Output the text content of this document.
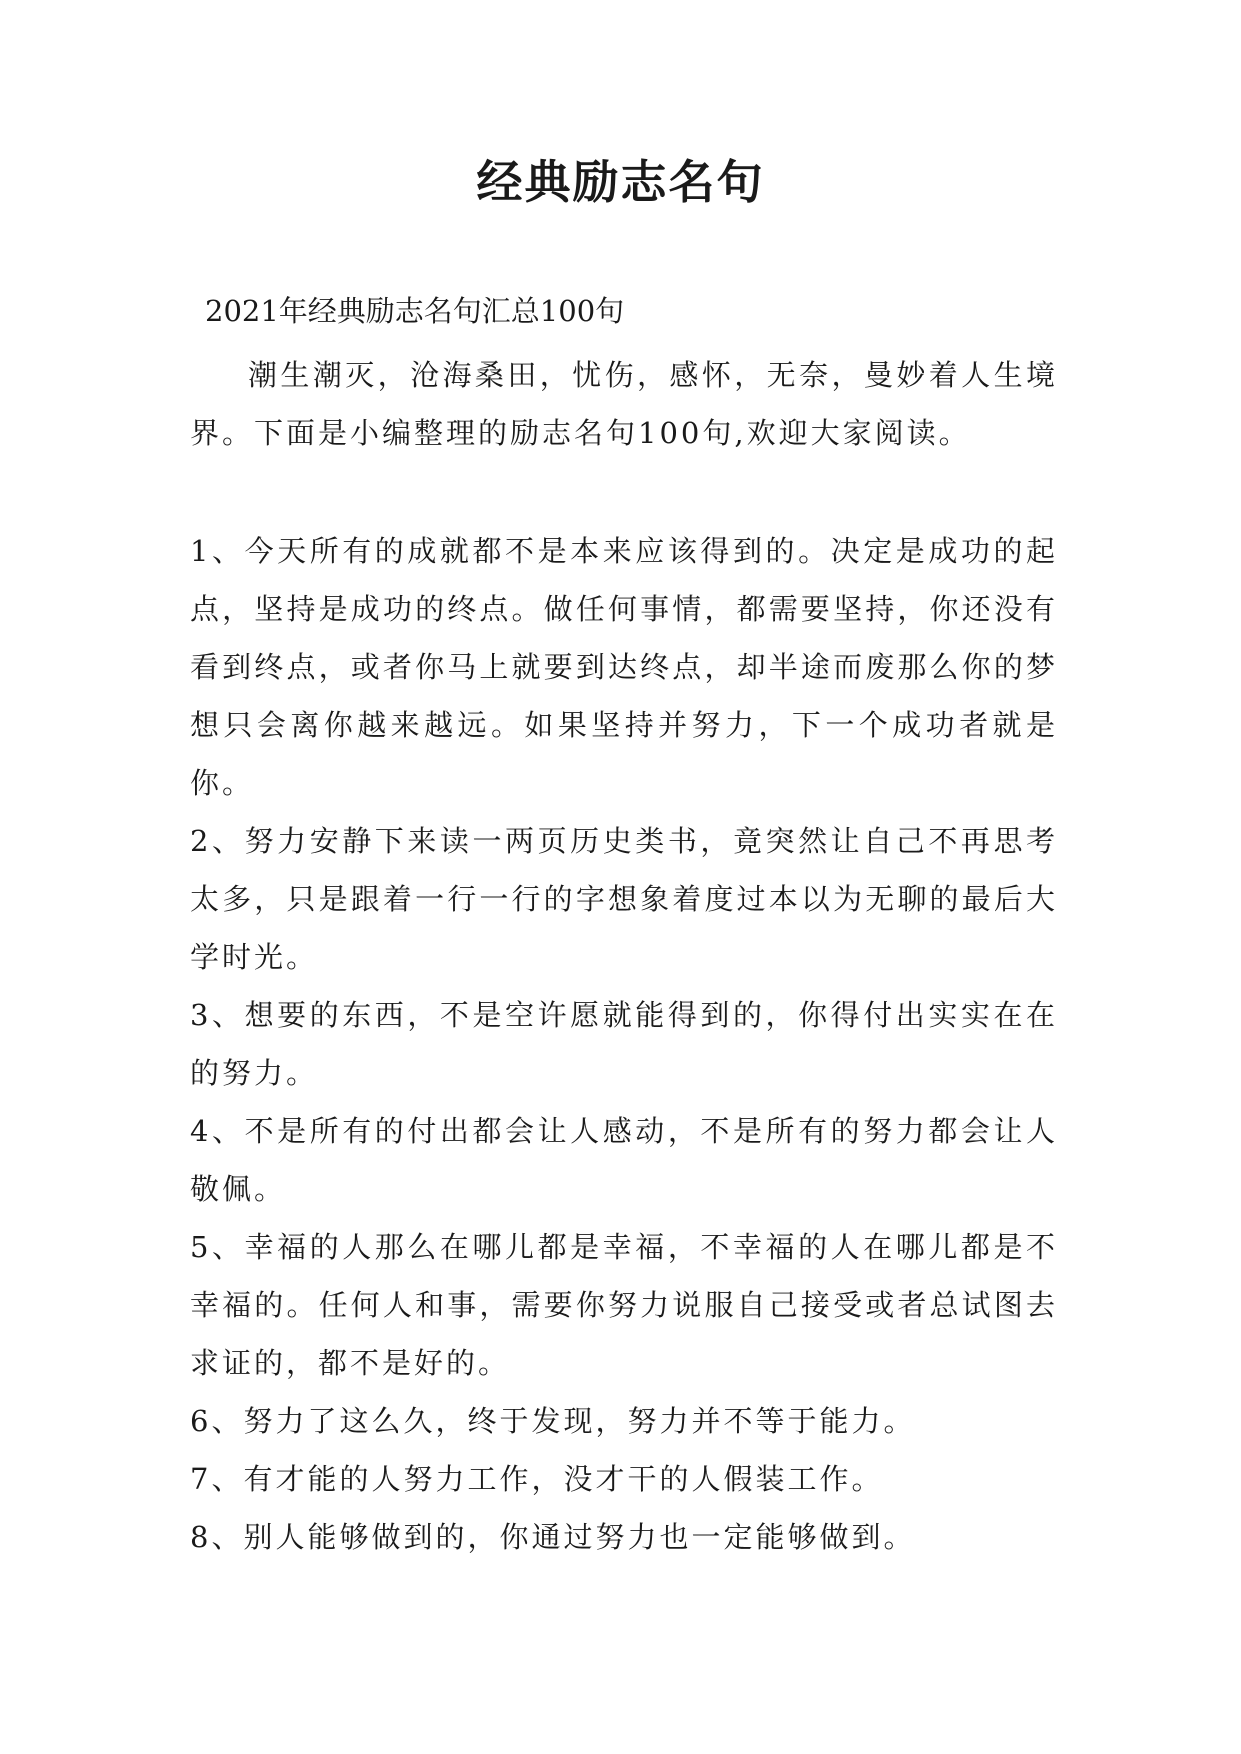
经典励志名句
2021年经典励志名句汇总100句
潮生潮灭，沧海桑田，忧伤，感怀，无奈，曼妙着人生境界。下面是小编整理的励志名句100句,欢迎大家阅读。

1、今天所有的成就都不是本来应该得到的。决定是成功的起点，坚持是成功的终点。做任何事情，都需要坚持，你还没有看到终点，或者你马上就要到达终点，却半途而废那么你的梦想只会离你越来越远。如果坚持并努力，下一个成功者就是你。

2、努力安静下来读一两页历史类书，竟突然让自己不再思考太多，只是跟着一行一行的字想象着度过本以为无聊的最后大学时光。

3、想要的东西，不是空许愿就能得到的，你得付出实实在在的努力。

4、不是所有的付出都会让人感动，不是所有的努力都会让人敬佩。

5、幸福的人那么在哪儿都是幸福，不幸福的人在哪儿都是不幸福的。任何人和事，需要你努力说服自己接受或者总试图去求证的，都不是好的。

6、努力了这么久，终于发现，努力并不等于能力。

7、有才能的人努力工作，没才干的人假装工作。

8、别人能够做到的，你通过努力也一定能够做到。
